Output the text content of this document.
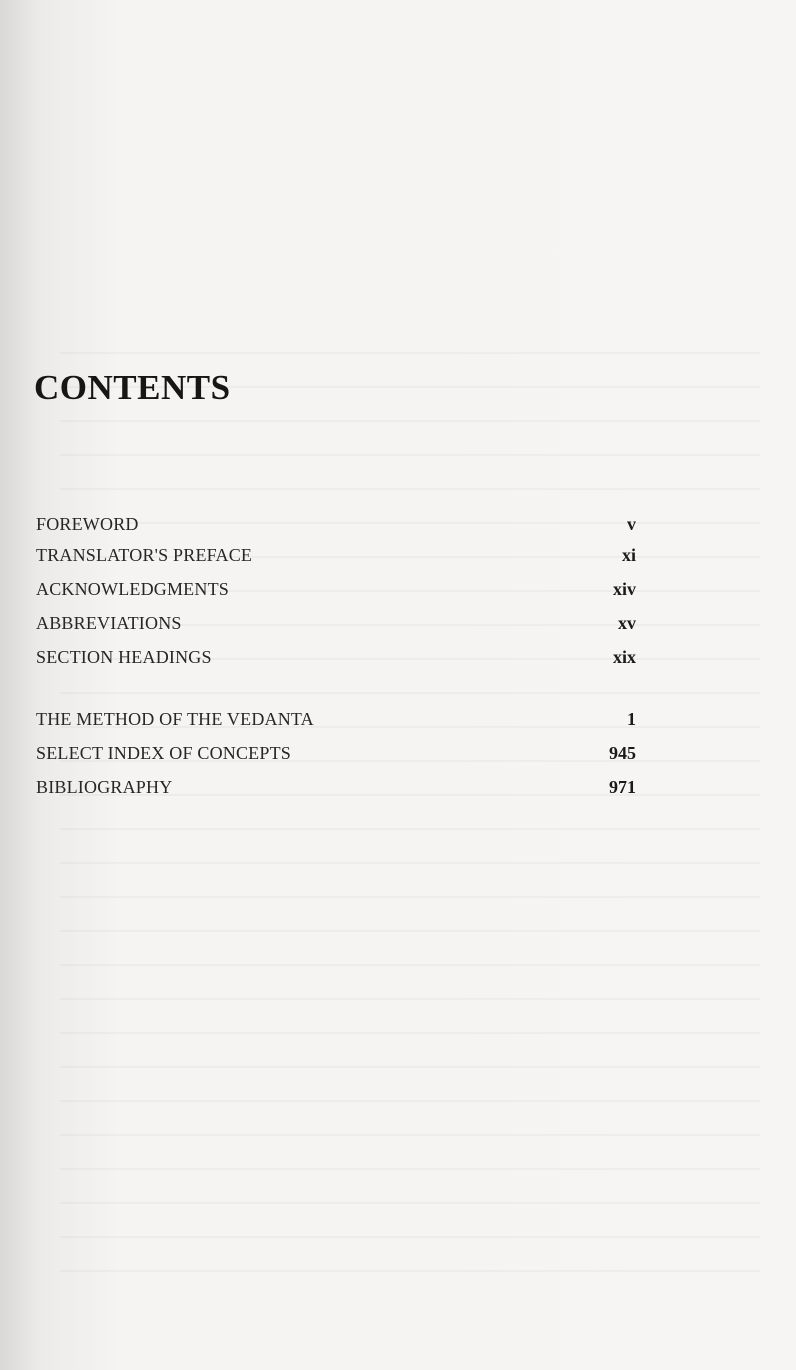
CONTENTS
FOREWORD	v
TRANSLATOR'S PREFACE	xi
ACKNOWLEDGMENTS	xiv
ABBREVIATIONS	xv
SECTION HEADINGS	xix
THE METHOD OF THE VEDANTA	1
SELECT INDEX OF CONCEPTS	945
BIBLIOGRAPHY	971
